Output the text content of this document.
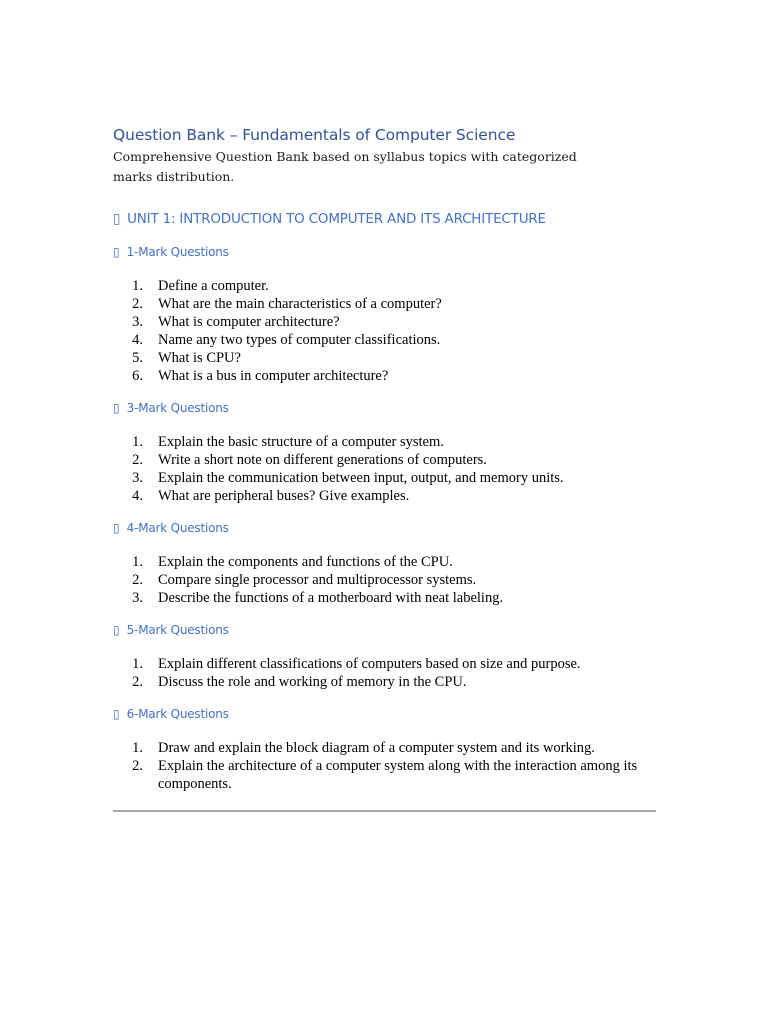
Question Bank – Fundamentals of Computer Science

Comprehensive Question Bank based on syllabus topics with categorized marks distribution.

▯ UNIT 1: INTRODUCTION TO COMPUTER AND ITS ARCHITECTURE
▯ 1-Mark Questions
1.	Define a computer.
2.	What are the main characteristics of a computer?
3.	What is computer architecture?
4.	Name any two types of computer classifications.
5.	What is CPU?
6.	What is a bus in computer architecture?
▯ 3-Mark Questions
1.	Explain the basic structure of a computer system.
2.	Write a short note on different generations of computers.
3.	Explain the communication between input, output, and memory units.
4.	What are peripheral buses? Give examples.
▯ 4-Mark Questions
1.	Explain the components and functions of the CPU.
2.	Compare single processor and multiprocessor systems.
3.	Describe the functions of a motherboard with neat labeling.
▯ 5-Mark Questions
1.	Explain different classifications of computers based on size and purpose.
2.	Discuss the role and working of memory in the CPU.
▯ 6-Mark Questions
1.	Draw and explain the block diagram of a computer system and its working.
2.	Explain the architecture of a computer system along with the interaction among its components.
